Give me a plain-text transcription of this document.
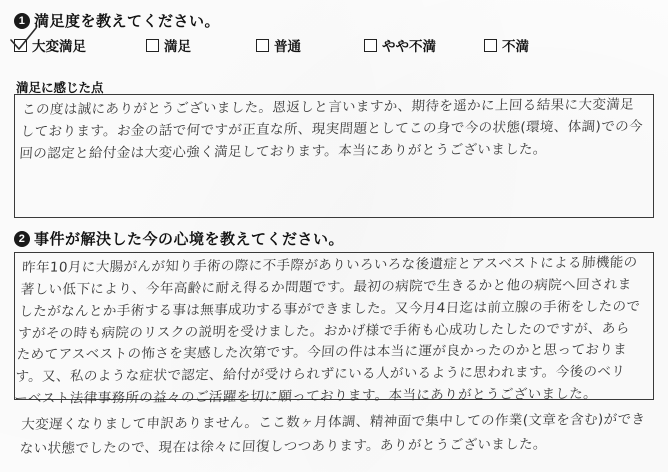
1 満足度を教えてください。
大変満足	満足	普通	やや不満	不満
満足に感じた点
この度は誠にありがとうございました。恩返しと言いますか、期待を遥かに上回る結果に大変満足しております。お金の話で何ですが正直な所、現実問題としてこの身で今の状態(環境、体調)での今回の認定と給付金は大変心強く満足しております。本当にありがとうございました。
2 事件が解決した今の心境を教えてください。
昨年10月に大腸がんが知り手術の際に不手際がありいろいろな後遺症とアスベストによる肺機能の著しい低下により、今年高齢に耐え得るか問題です。最初の病院で生きるかと他の病院へ回されましたがなんとか手術する事は無事成功する事ができました。又今月4日迄は前立腺の手術をしたのですがその時も病院のリスクの説明を受けました。おかげ様で手術も心成功したしたのですが、あらためてアスベストの怖さを実感した次第です。今回の件は本当に運が良かったのかと思っております。又、私のような症状で認定、給付が受けられずにいる人がいるように思われます。今後のベリーベスト法律事務所の益々のご活躍を切に願っております。本当にありがとうございました。
大変遅くなりまして申訳ありません。ここ数ヶ月体調、精神面で集中しての作業(文章を含む)ができない状態でしたので、現在は徐々に回復しつつあります。ありがとうございました。
